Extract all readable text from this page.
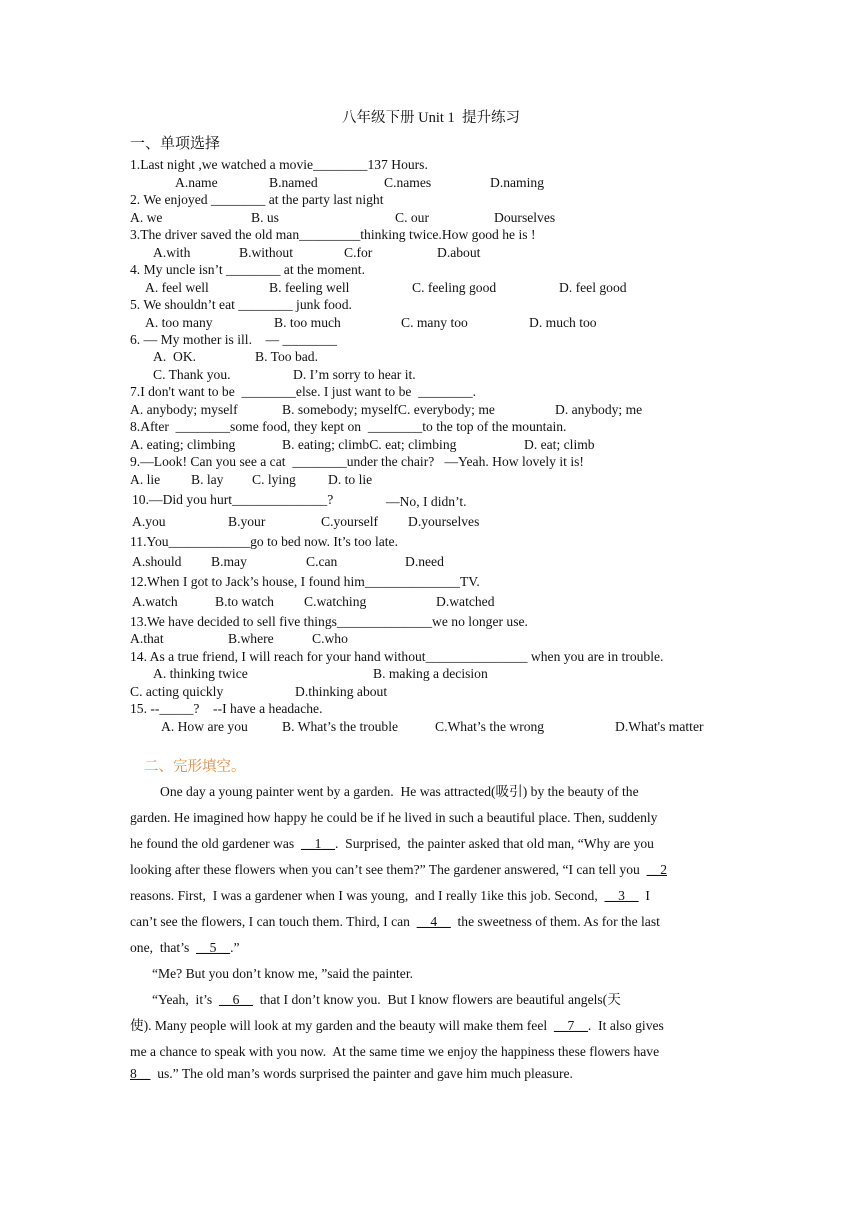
八年级下册 Unit 1  提升练习
一、单项选择
1.Last night ,we watched a movie________137 Hours.
A.name	B.named	C.names	D.naming
2. We enjoyed ________ at the party last night
A. we	B. us	C. our	Dourselves
3.The driver saved the old man_________thinking twice.How good he is !
A.with	B.without	C.for	D.about
4. My uncle isn’t ________ at the moment.
A. feel well	B. feeling well	C. feeling good	D. feel good
5. We shouldn’t eat ________ junk food.
A. too many	B. too much	C. many too	D. much too
6. — My mother is ill.    — ________
A.  OK.	B. Too bad.
C. Thank you.	D. I’m sorry to hear it.
7.I don't want to be  ________else. I just want to be  ________.
A. anybody; myself	B. somebody; myselfC. everybody; me	D. anybody; me
8.After  ________some food, they kept on  ________to the top of the mountain.
A. eating; climbing	B. eating; climbC. eat; climbing	D. eat; climb
9.—Look! Can you see a cat  ________under the chair?   —Yeah. How lovely it is!
A. lie B. lay C. lying D. to lie
10.—Did you hurt______________?	—No, I didn’t.
A.you	B.your	C.yourself D.yourselves
11.You____________go to bed now. It’s too late.
A.should B.may	C.can	D.need
12.When I got to Jack’s house, I found him______________TV.
A.watch	B.to watch C.watching	D.watched
13.We have decided to sell five things______________we no longer use.
A.that	B.where	C.who
14. As a true friend, I will reach for your hand without_______________ when you are in trouble.
A. thinking twice	B. making a decision
C. acting quickly	D.thinking about
15. --_____?    --I have a headache.
A. How are you	B. What’s the trouble	C.What’s the wrong	D.What's matter
二、完形填空。
One day a young painter went by a garden.  He was attracted(吸引) by the beauty of the
garden. He imagined how happy he could be if he lived in such a beautiful place. Then, suddenly
he found the old gardener was  __1__.  Surprised,  the painter asked that old man, “Why are you
looking after these flowers when you can’t see them?” The gardener answered, “I can tell you  __2
reasons. First,  I was a gardener when I was young,  and I really 1ike this job. Second,  __3__  I
can’t see the flowers, I can touch them. Third, I can  __4__  the sweetness of them. As for the last
one,  that’s  __5__.”
“Me? But you don’t know me, ”said the painter.
“Yeah,  it’s  __6__  that I don’t know you.  But I know flowers are beautiful angels(天
使). Many people will look at my garden and the beauty will make them feel  __7__.  It also gives
me a chance to speak with you now.  At the same time we enjoy the happiness these flowers have
8__  us.” The old man’s words surprised the painter and gave him much pleasure.
